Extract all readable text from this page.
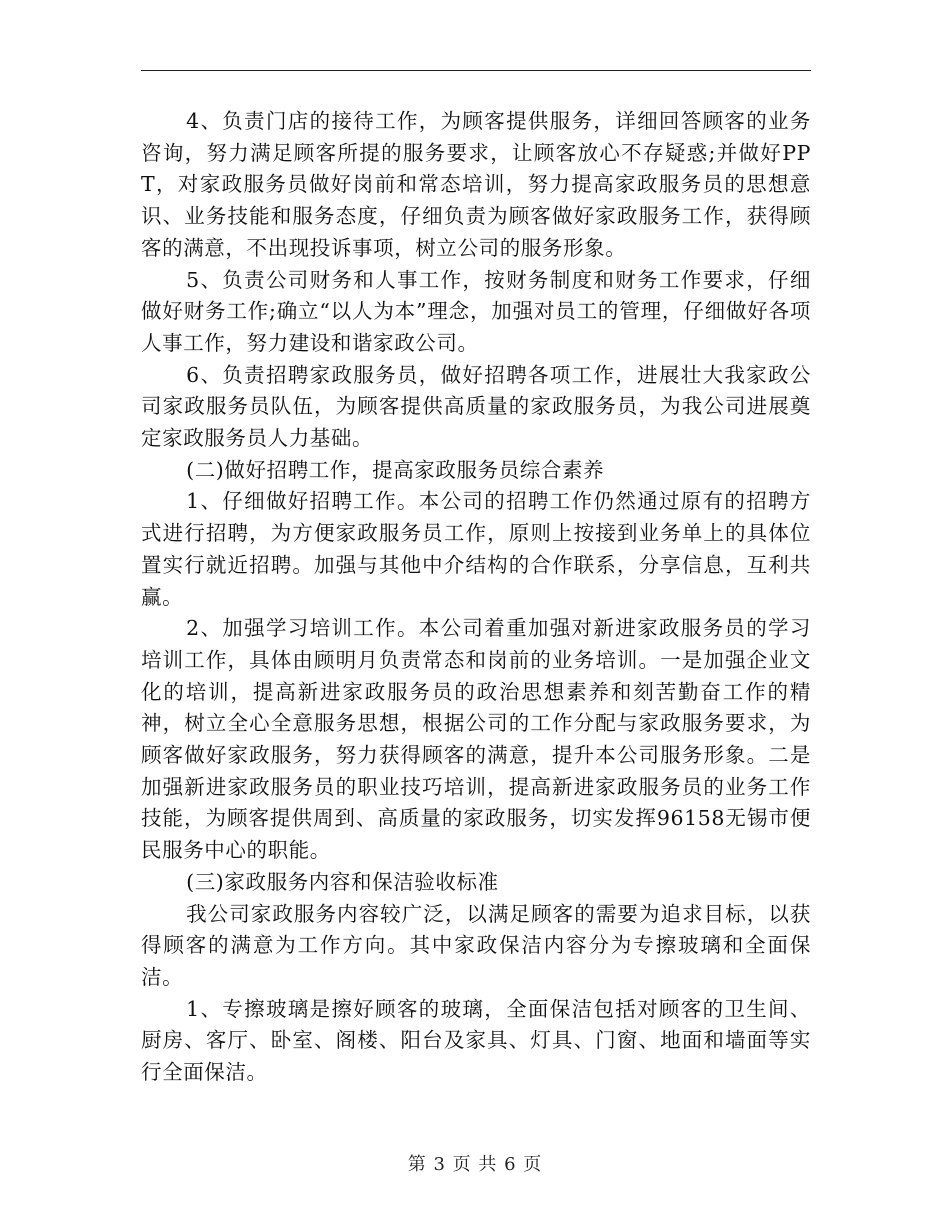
4、负责门店的接待工作，为顾客提供服务，详细回答顾客的业务咨询，努力满足顾客所提的服务要求，让顾客放心不存疑惑;并做好PPT，对家政服务员做好岗前和常态培训，努力提高家政服务员的思想意识、业务技能和服务态度，仔细负责为顾客做好家政服务工作，获得顾客的满意，不出现投诉事项，树立公司的服务形象。

5、负责公司财务和人事工作，按财务制度和财务工作要求，仔细做好财务工作;确立“以人为本”理念，加强对员工的管理，仔细做好各项人事工作，努力建设和谐家政公司。

6、负责招聘家政服务员，做好招聘各项工作，进展壮大我家政公司家政服务员队伍，为顾客提供高质量的家政服务员，为我公司进展奠定家政服务员人力基础。

(二)做好招聘工作，提高家政服务员综合素养

1、仔细做好招聘工作。本公司的招聘工作仍然通过原有的招聘方式进行招聘，为方便家政服务员工作，原则上按接到业务单上的具体位置实行就近招聘。加强与其他中介结构的合作联系，分享信息，互利共赢。

2、加强学习培训工作。本公司着重加强对新进家政服务员的学习培训工作，具体由顾明月负责常态和岗前的业务培训。一是加强企业文化的培训，提高新进家政服务员的政治思想素养和刻苦勤奋工作的精神，树立全心全意服务思想，根据公司的工作分配与家政服务要求，为顾客做好家政服务，努力获得顾客的满意，提升本公司服务形象。二是加强新进家政服务员的职业技巧培训，提高新进家政服务员的业务工作技能，为顾客提供周到、高质量的家政服务，切实发挥96158无锡市便民服务中心的职能。

(三)家政服务内容和保洁验收标准

我公司家政服务内容较广泛，以满足顾客的需要为追求目标，以获得顾客的满意为工作方向。其中家政保洁内容分为专擦玻璃和全面保洁。

1、专擦玻璃是擦好顾客的玻璃，全面保洁包括对顾客的卫生间、厨房、客厅、卧室、阁楼、阳台及家具、灯具、门窗、地面和墙面等实行全面保洁。

第 3 页 共 6 页
